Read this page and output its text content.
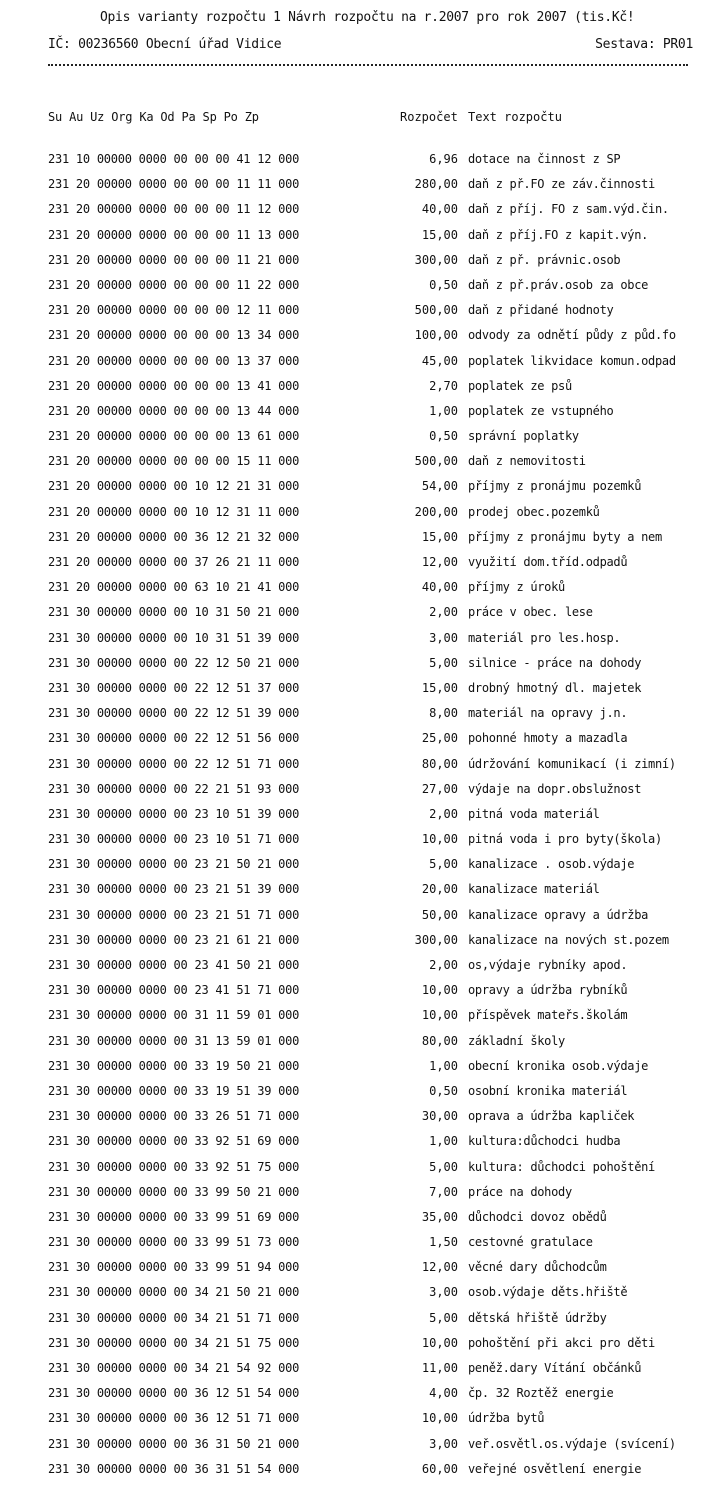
Opis varianty rozpočtu 1 Návrh rozpočtu na r.2007 pro rok 2007 (tis.Kč!
IČ: 00236560 Obecní úřad Vidice	Sestava: PR01
Su Au Uz Org Ka Od Pa Sp Po Zp	Rozpočet Text rozpočtu
231 10 00000 0000 00 00 00 41 12 000	6,96 dotace na činnost z SP
231 20 00000 0000 00 00 00 11 11 000	280,00 daň z př.FO ze záv.činnosti
231 20 00000 0000 00 00 00 11 12 000	40,00 daň z příj. FO z sam.výd.čin.
231 20 00000 0000 00 00 00 11 13 000	15,00 daň z příj.FO z kapit.výn.
231 20 00000 0000 00 00 00 11 21 000	300,00 daň z př. právnic.osob
231 20 00000 0000 00 00 00 11 22 000	0,50 daň z př.práv.osob za obce
231 20 00000 0000 00 00 00 12 11 000	500,00 daň z přidané hodnoty
231 20 00000 0000 00 00 00 13 34 000	100,00 odvody za odnětí půdy z půd.fo
231 20 00000 0000 00 00 00 13 37 000	45,00 poplatek likvidace komun.odpad
231 20 00000 0000 00 00 00 13 41 000	2,70 poplatek ze psů
231 20 00000 0000 00 00 00 13 44 000	1,00 poplatek ze vstupného
231 20 00000 0000 00 00 00 13 61 000	0,50 správní poplatky
231 20 00000 0000 00 00 00 15 11 000	500,00 daň z nemovitosti
231 20 00000 0000 00 10 12 21 31 000	54,00 příjmy z pronájmu pozemků
231 20 00000 0000 00 10 12 31 11 000	200,00 prodej obec.pozemků
231 20 00000 0000 00 36 12 21 32 000	15,00 příjmy z pronájmu byty a nem
231 20 00000 0000 00 37 26 21 11 000	12,00 využití dom.tříd.odpadů
231 20 00000 0000 00 63 10 21 41 000	40,00 příjmy z úroků
231 30 00000 0000 00 10 31 50 21 000	2,00 práce v obec. lese
231 30 00000 0000 00 10 31 51 39 000	3,00 materiál pro les.hosp.
231 30 00000 0000 00 22 12 50 21 000	5,00 silnice - práce na dohody
231 30 00000 0000 00 22 12 51 37 000	15,00 drobný hmotný dl. majetek
231 30 00000 0000 00 22 12 51 39 000	8,00 materiál na opravy j.n.
231 30 00000 0000 00 22 12 51 56 000	25,00 pohonné hmoty a mazadla
231 30 00000 0000 00 22 12 51 71 000	80,00 údržování komunikací (i zimní)
231 30 00000 0000 00 22 21 51 93 000	27,00 výdaje na dopr.obslužnost
231 30 00000 0000 00 23 10 51 39 000	2,00 pitná voda materiál
231 30 00000 0000 00 23 10 51 71 000	10,00 pitná voda i pro byty(škola)
231 30 00000 0000 00 23 21 50 21 000	5,00 kanalizace . osob.výdaje
231 30 00000 0000 00 23 21 51 39 000	20,00 kanalizace materiál
231 30 00000 0000 00 23 21 51 71 000	50,00 kanalizace opravy a údržba
231 30 00000 0000 00 23 21 61 21 000	300,00 kanalizace na nových st.pozem
231 30 00000 0000 00 23 41 50 21 000	2,00 os,výdaje rybníky apod.
231 30 00000 0000 00 23 41 51 71 000	10,00 opravy a údržba rybníků
231 30 00000 0000 00 31 11 59 01 000	10,00 příspěvek mateřs.školám
231 30 00000 0000 00 31 13 59 01 000	80,00 základní školy
231 30 00000 0000 00 33 19 50 21 000	1,00 obecní kronika osob.výdaje
231 30 00000 0000 00 33 19 51 39 000	0,50 osobní kronika materiál
231 30 00000 0000 00 33 26 51 71 000	30,00 oprava a údržba kapliček
231 30 00000 0000 00 33 92 51 69 000	1,00 kultura:důchodci hudba
231 30 00000 0000 00 33 92 51 75 000	5,00 kultura: důchodci pohoštění
231 30 00000 0000 00 33 99 50 21 000	7,00 práce na dohody
231 30 00000 0000 00 33 99 51 69 000	35,00 důchodci dovoz obědů
231 30 00000 0000 00 33 99 51 73 000	1,50 cestovné gratulace
231 30 00000 0000 00 33 99 51 94 000	12,00 věcné dary důchodcům
231 30 00000 0000 00 34 21 50 21 000	3,00 osob.výdaje děts.hřiště
231 30 00000 0000 00 34 21 51 71 000	5,00 dětská hřiště údržby
231 30 00000 0000 00 34 21 51 75 000	10,00 pohoštění při akci pro děti
231 30 00000 0000 00 34 21 54 92 000	11,00 peněž.dary Vítání občánků
231 30 00000 0000 00 36 12 51 54 000	4,00 čp. 32 Roztěž energie
231 30 00000 0000 00 36 12 51 71 000	10,00 údržba bytů
231 30 00000 0000 00 36 31 50 21 000	3,00 veř.osvětl.os.výdaje (svícení)
231 30 00000 0000 00 36 31 51 54 000	60,00 veřejné osvětlení energie
